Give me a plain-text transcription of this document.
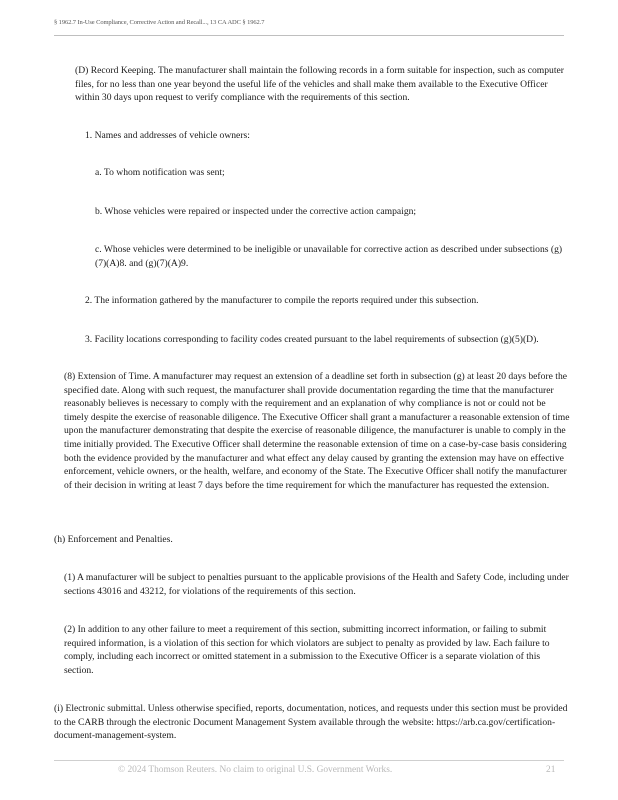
§ 1962.7 In-Use Compliance, Corrective Action and Recall..., 13 CA ADC § 1962.7

(D) Record Keeping. The manufacturer shall maintain the following records in a form suitable for inspection, such as computer files, for no less than one year beyond the useful life of the vehicles and shall make them available to the Executive Officer within 30 days upon request to verify compliance with the requirements of this section.

1. Names and addresses of vehicle owners:

a. To whom notification was sent;

b. Whose vehicles were repaired or inspected under the corrective action campaign;

c. Whose vehicles were determined to be ineligible or unavailable for corrective action as described under subsections (g)(7)(A)8. and (g)(7)(A)9.

2. The information gathered by the manufacturer to compile the reports required under this subsection.

3. Facility locations corresponding to facility codes created pursuant to the label requirements of subsection (g)(5)(D).

(8) Extension of Time. A manufacturer may request an extension of a deadline set forth in subsection (g) at least 20 days before the specified date. Along with such request, the manufacturer shall provide documentation regarding the time that the manufacturer reasonably believes is necessary to comply with the requirement and an explanation of why compliance is not or could not be timely despite the exercise of reasonable diligence. The Executive Officer shall grant a manufacturer a reasonable extension of time upon the manufacturer demonstrating that despite the exercise of reasonable diligence, the manufacturer is unable to comply in the time initially provided. The Executive Officer shall determine the reasonable extension of time on a case-by-case basis considering both the evidence provided by the manufacturer and what effect any delay caused by granting the extension may have on effective enforcement, vehicle owners, or the health, welfare, and economy of the State. The Executive Officer shall notify the manufacturer of their decision in writing at least 7 days before the time requirement for which the manufacturer has requested the extension.

(h) Enforcement and Penalties.

(1) A manufacturer will be subject to penalties pursuant to the applicable provisions of the Health and Safety Code, including under sections 43016 and 43212, for violations of the requirements of this section.

(2) In addition to any other failure to meet a requirement of this section, submitting incorrect information, or failing to submit required information, is a violation of this section for which violators are subject to penalty as provided by law. Each failure to comply, including each incorrect or omitted statement in a submission to the Executive Officer is a separate violation of this section.

(i) Electronic submittal. Unless otherwise specified, reports, documentation, notices, and requests under this section must be provided to the CARB through the electronic Document Management System available through the website: https://arb.ca.gov/certification-document-management-system.

© 2024 Thomson Reuters. No claim to original U.S. Government Works.	21
